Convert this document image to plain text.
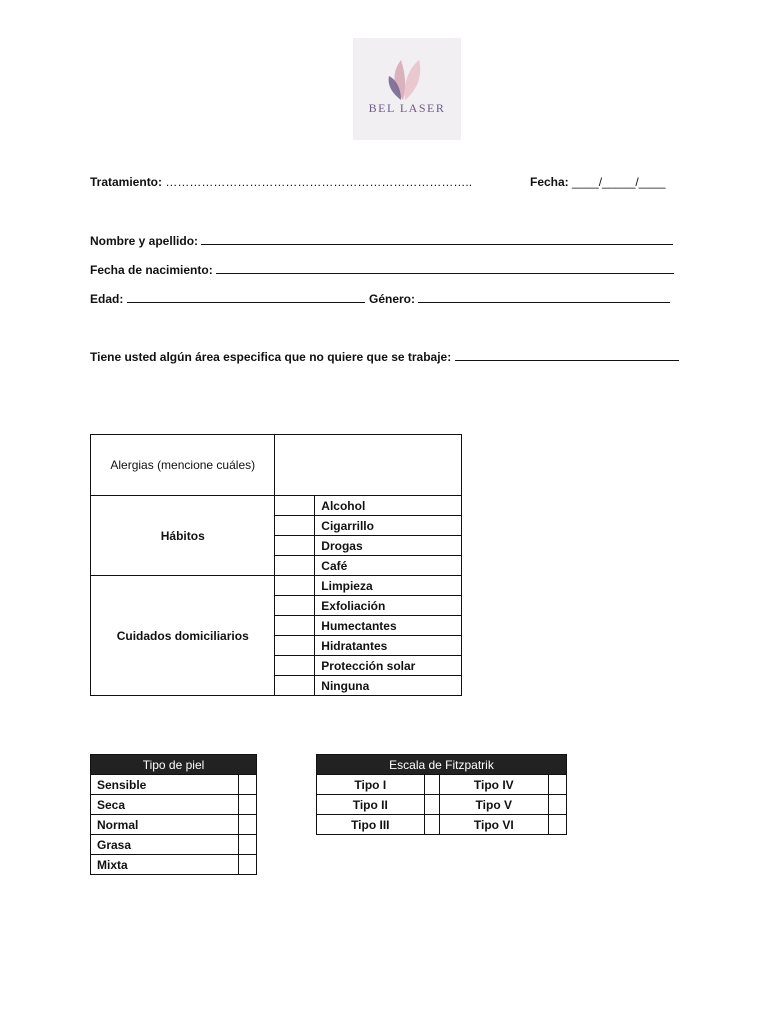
BEL LASER
Tratamiento: …………………………………………………………………..	Fecha: ____/_____/____
Nombre y apellido:
Fecha de nacimiento:
Edad:	Género:
Tiene usted algún área especifica que no quiere que se trabaje:
Alergias (mencione cuáles)		
Hábitos		Alcohol
		Cigarrillo
		Drogas
		Café
Cuidados domiciliarios		Limpieza
		Exfoliación
		Humectantes
		Hidratantes
		Protección solar
		Ninguna
Tipo de piel	
Sensible	
Seca	
Normal	
Grasa	
Mixta	
Escala de Fitzpatrik			
Tipo I		Tipo IV	
Tipo II		Tipo V	
Tipo III		Tipo VI	
